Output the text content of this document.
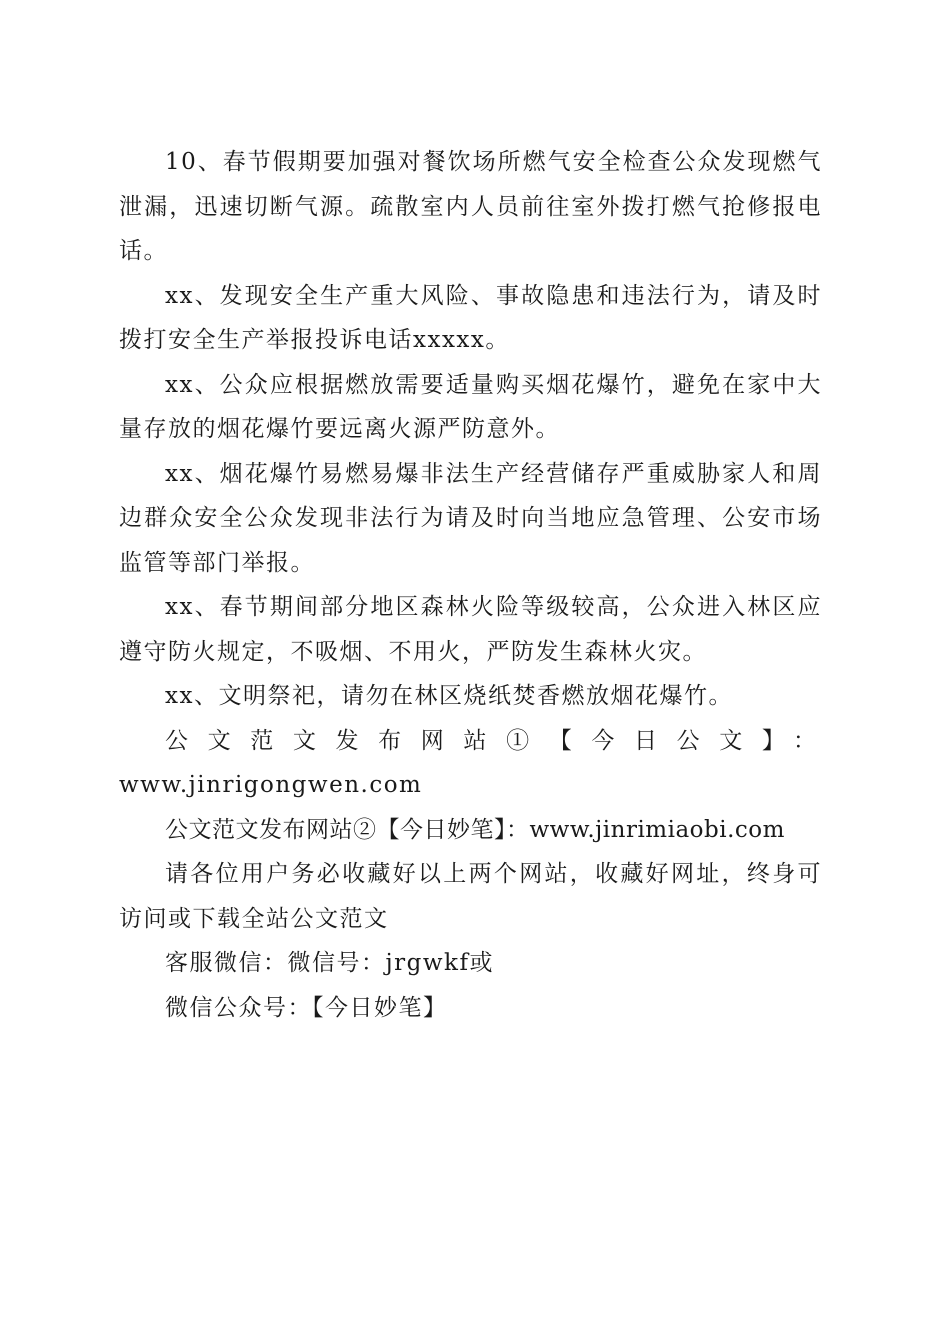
10、春节假期要加强对餐饮场所燃气安全检查公众发现燃气泄漏，迅速切断气源。疏散室内人员前往室外拨打燃气抢修报电话。

xx、发现安全生产重大风险、事故隐患和违法行为，请及时拨打安全生产举报投诉电话xxxxx。

xx、公众应根据燃放需要适量购买烟花爆竹，避免在家中大量存放的烟花爆竹要远离火源严防意外。

xx、烟花爆竹易燃易爆非法生产经营储存严重威胁家人和周边群众安全公众发现非法行为请及时向当地应急管理、公安市场监管等部门举报。

xx、春节期间部分地区森林火险等级较高，公众进入林区应遵守防火规定，不吸烟、不用火，严防发生森林火灾。

xx、文明祭祀，请勿在林区烧纸焚香燃放烟花爆竹。

公文范文发布网站①【今日公文】：

www.jinrigongwen.com

公文范文发布网站②【今日妙笔】：www.jinrimiaobi.com

请各位用户务必收藏好以上两个网站，收藏好网址，终身可访问或下载全站公文范文

客服微信：微信号：jrgwkf或

微信公众号：【今日妙笔】
